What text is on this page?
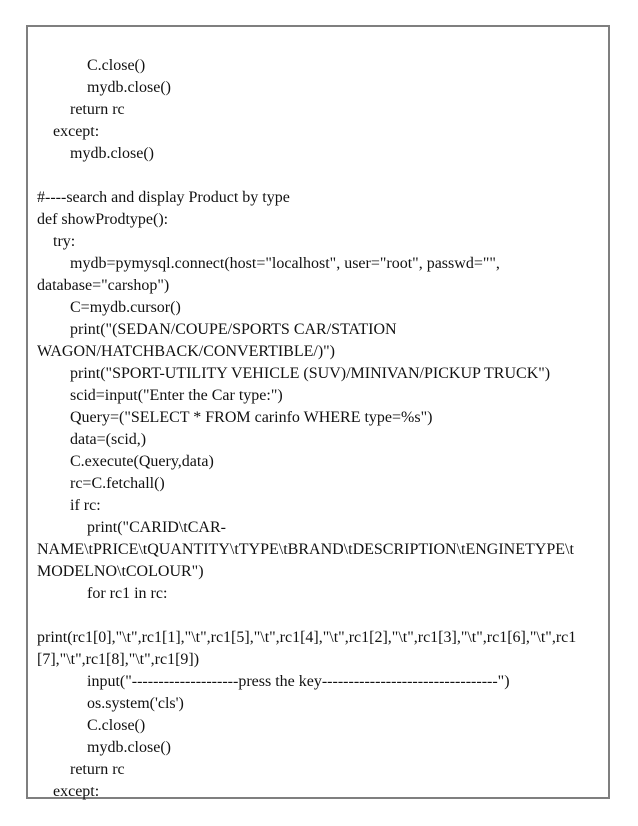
C.close()
mydb.close()
return rc
except:
mydb.close()
#----search and display Product by type
def showProdtype():
try:
mydb=pymysql.connect(host="localhost", user="root", passwd="",
database="carshop")
C=mydb.cursor()
print("(SEDAN/COUPE/SPORTS CAR/STATION
WAGON/HATCHBACK/CONVERTIBLE/)")
print("SPORT-UTILITY VEHICLE (SUV)/MINIVAN/PICKUP TRUCK")
scid=input("Enter the Car type:")
Query=("SELECT * FROM carinfo WHERE type=%s")
data=(scid,)
C.execute(Query,data)
rc=C.fetchall()
if rc:
print("CARID\tCAR-
NAME\tPRICE\tQUANTITY\tTYPE\tBRAND\tDESCRIPTION\tENGINETYPE\t
MODELNO\tCOLOUR")
for rc1 in rc:
print(rc1[0],"\t",rc1[1],"\t",rc1[5],"\t",rc1[4],"\t",rc1[2],"\t",rc1[3],"\t",rc1[6],"\t",rc1
[7],"\t",rc1[8],"\t",rc1[9])
input("--------------------press the key---------------------------------")
os.system('cls')
C.close()
mydb.close()
return rc
except:
